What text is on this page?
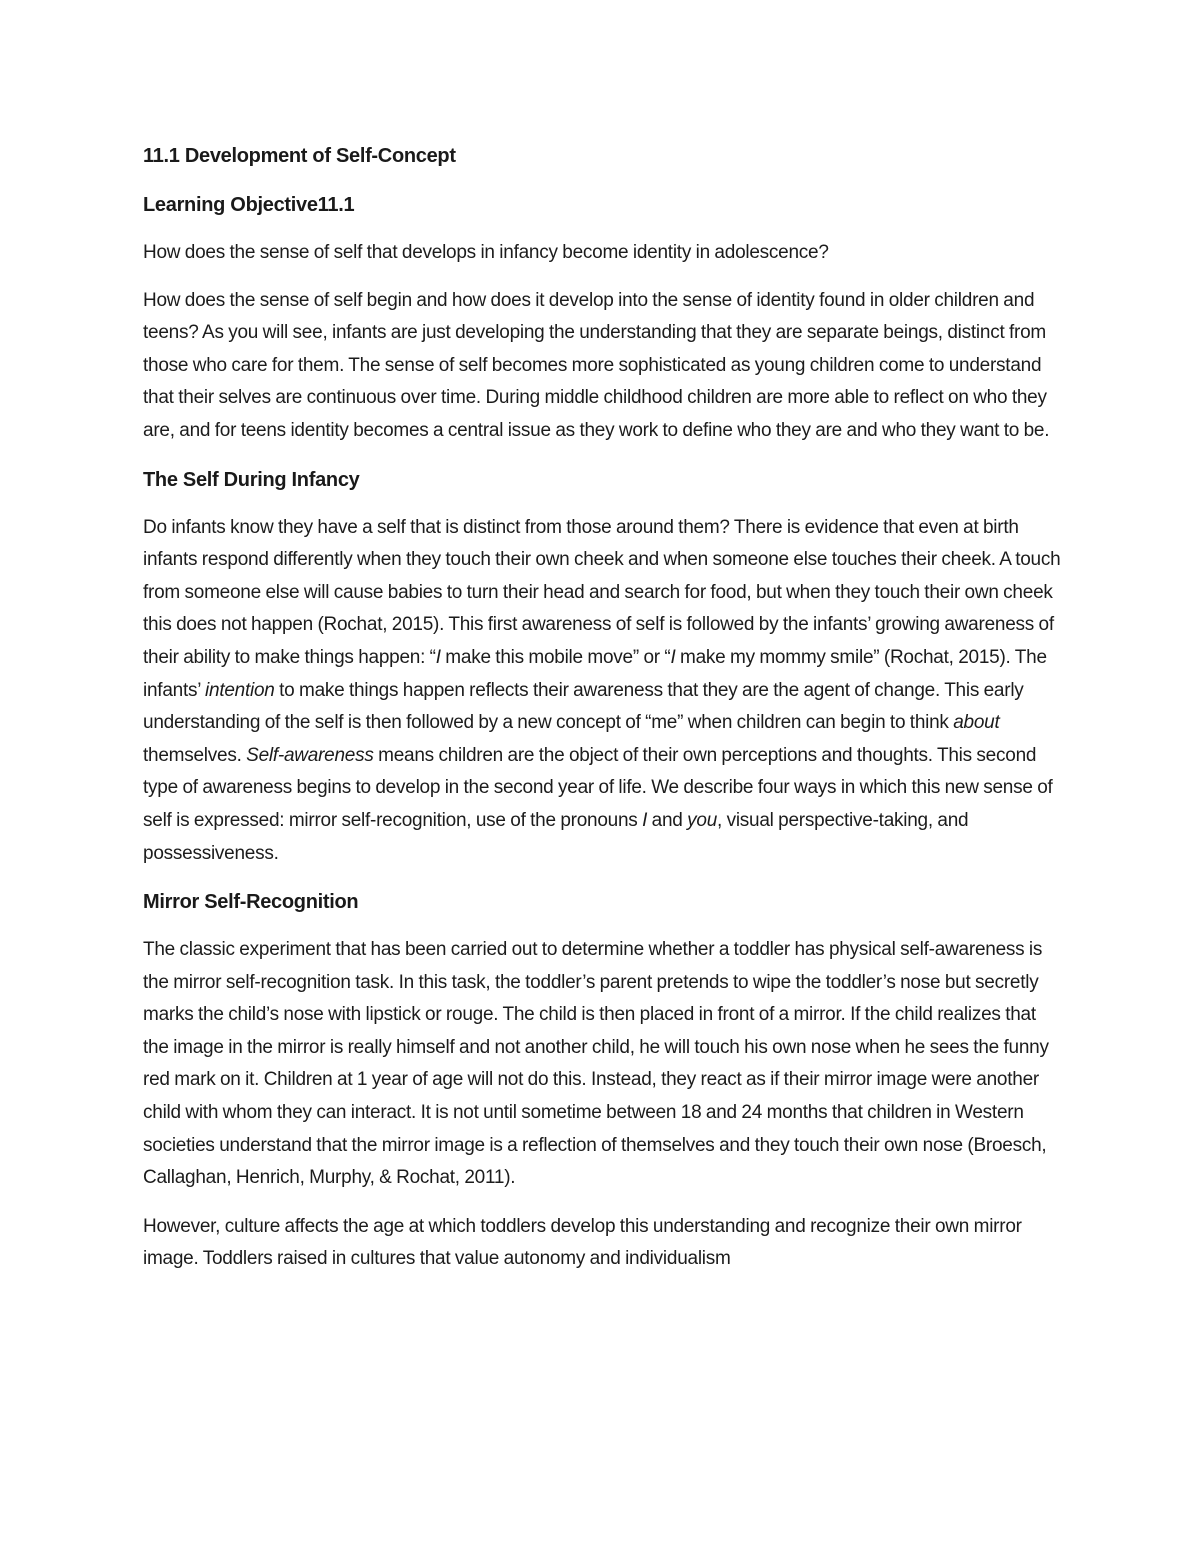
11.1 Development of Self-Concept
Learning Objective11.1

How does the sense of self that develops in infancy become identity in adolescence?

How does the sense of self begin and how does it develop into the sense of identity found in older children and teens? As you will see, infants are just developing the understanding that they are separate beings, distinct from those who care for them. The sense of self becomes more sophisticated as young children come to understand that their selves are continuous over time. During middle childhood children are more able to reflect on who they are, and for teens identity becomes a central issue as they work to define who they are and who they want to be.

The Self During Infancy

Do infants know they have a self that is distinct from those around them? There is evidence that even at birth infants respond differently when they touch their own cheek and when someone else touches their cheek. A touch from someone else will cause babies to turn their head and search for food, but when they touch their own cheek this does not happen (Rochat, 2015). This first awareness of self is followed by the infants’ growing awareness of their ability to make things happen: “I make this mobile move” or “I make my mommy smile” (Rochat, 2015). The infants’ intention to make things happen reflects their awareness that they are the agent of change. This early understanding of the self is then followed by a new concept of “me” when children can begin to think about themselves. Self-awareness means children are the object of their own perceptions and thoughts. This second type of awareness begins to develop in the second year of life. We describe four ways in which this new sense of self is expressed: mirror self-recognition, use of the pronouns I and you, visual perspective-taking, and possessiveness.

Mirror Self-Recognition

The classic experiment that has been carried out to determine whether a toddler has physical self-awareness is the mirror self-recognition task. In this task, the toddler’s parent pretends to wipe the toddler’s nose but secretly marks the child’s nose with lipstick or rouge. The child is then placed in front of a mirror. If the child realizes that the image in the mirror is really himself and not another child, he will touch his own nose when he sees the funny red mark on it. Children at 1 year of age will not do this. Instead, they react as if their mirror image were another child with whom they can interact. It is not until sometime between 18 and 24 months that children in Western societies understand that the mirror image is a reflection of themselves and they touch their own nose (Broesch, Callaghan, Henrich, Murphy, & Rochat, 2011).

However, culture affects the age at which toddlers develop this understanding and recognize their own mirror image. Toddlers raised in cultures that value autonomy and individualism
